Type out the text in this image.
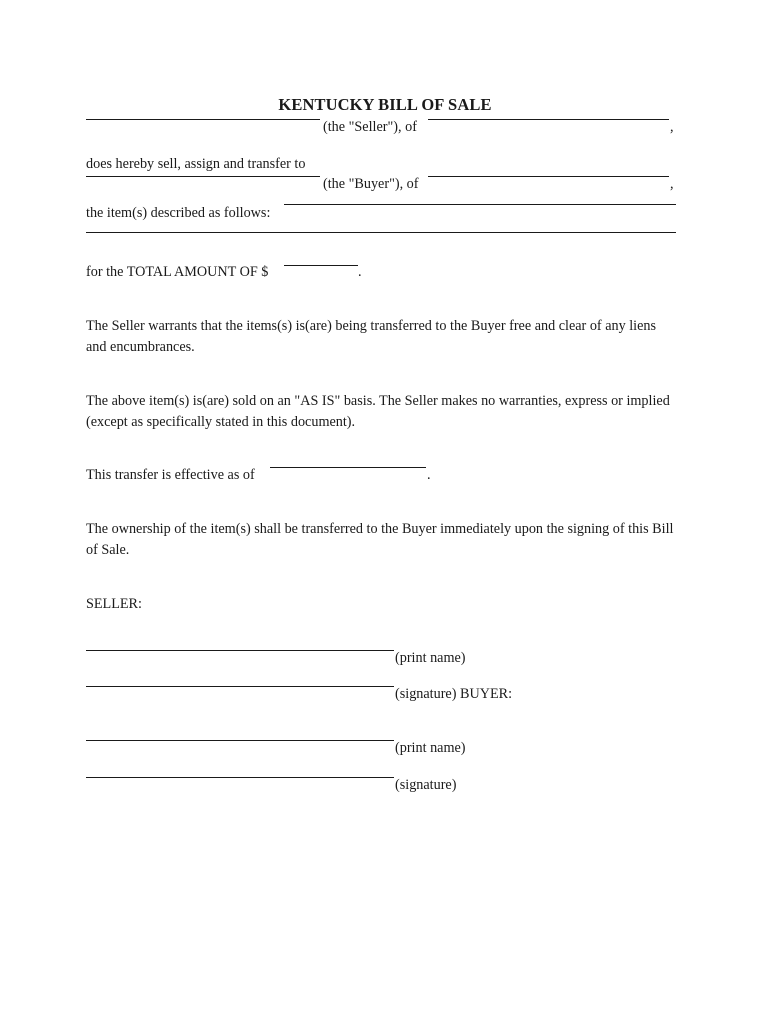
KENTUCKY BILL OF SALE
(the "Seller"), of	,
does hereby sell, assign and transfer to
(the "Buyer"), of	,
the item(s) described as follows:
for the TOTAL AMOUNT OF $	.
The Seller warrants that the items(s) is(are) being transferred to the Buyer free and clear of any liens and encumbrances.
The above item(s) is(are) sold on an "AS IS" basis. The Seller makes no warranties, express or implied (except as specifically stated in this document).
This transfer is effective as of	.
The ownership of the item(s) shall be transferred to the Buyer immediately upon the signing of this Bill of Sale.
SELLER:
(print name)
(signature) BUYER:
(print name)
(signature)
